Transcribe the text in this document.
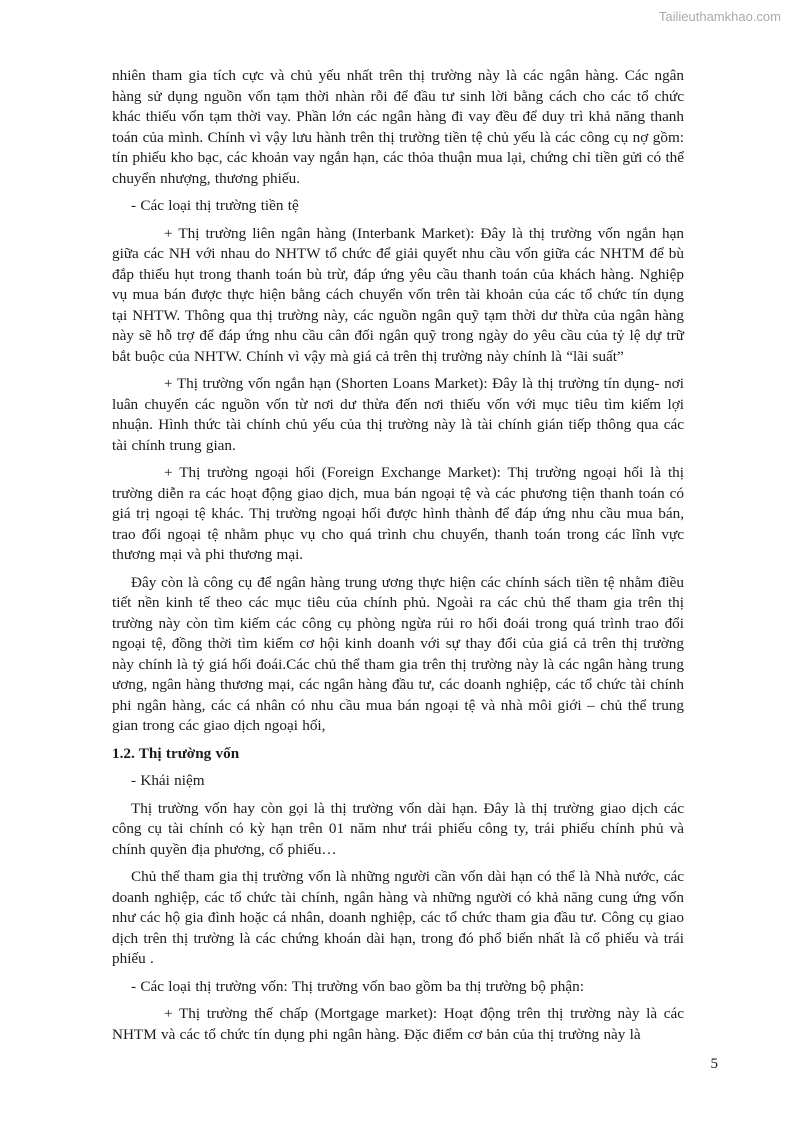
Tailieuthamkhao.com

nhiên tham gia tích cực và chủ yếu nhất trên thị trường này là các ngân hàng. Các ngân hàng sử dụng nguồn vốn tạm thời nhàn rỗi để đầu tư sinh lời bằng cách cho các tổ chức khác thiếu vốn tạm thời vay. Phần lớn các ngân hàng đi vay đều để duy trì khả năng thanh toán của mình. Chính vì vậy lưu hành trên thị trường tiền tệ chủ yếu là các công cụ nợ gồm: tín phiếu kho bạc, các khoản vay ngắn hạn, các thỏa thuận mua lại, chứng chỉ tiền gửi có thể chuyển nhượng, thương phiếu.

- Các loại thị trường tiền tệ

+ Thị trường liên ngân hàng (Interbank Market): Đây là thị trường vốn ngắn hạn giữa các NH với nhau do NHTW tổ chức để giải quyết nhu cầu vốn giữa các NHTM để bù đắp thiếu hụt trong thanh toán bù trừ, đáp ứng yêu cầu thanh toán của khách hàng. Nghiệp vụ mua bán được thực hiện bằng cách chuyển vốn trên tài khoản của các tổ chức tín dụng tại NHTW. Thông qua thị trường này, các nguồn ngân quỹ tạm thời dư thừa của ngân hàng này sẽ hỗ trợ để đáp ứng nhu cầu cân đối ngân quỹ trong ngày do yêu cầu của tỷ lệ dự trữ bắt buộc của NHTW. Chính vì vậy mà giá cả trên thị trường này chính là “lãi suất”

+ Thị trường vốn ngắn hạn (Shorten Loans Market): Đây là thị trường tín dụng- nơi luân chuyển các nguồn vốn từ nơi dư thừa đến nơi thiếu vốn với mục tiêu tìm kiếm lợi nhuận. Hình thức tài chính chủ yếu của thị trường này là tài chính gián tiếp thông qua các tài chính trung gian.

+ Thị trường ngoại hối (Foreign Exchange Market): Thị trường ngoại hối là thị trường diễn ra các hoạt động giao dịch, mua bán ngoại tệ và các phương tiện thanh toán có giá trị ngoại tệ khác. Thị trường ngoại hối được hình thành để đáp ứng nhu cầu mua bán, trao đổi ngoại tệ nhằm phục vụ cho quá trình chu chuyển, thanh toán trong các lĩnh vực thương mại và phi thương mại.

Đây còn là công cụ để ngân hàng trung ương thực hiện các chính sách tiền tệ nhằm điều tiết nền kinh tế theo các mục tiêu của chính phủ. Ngoài ra các chủ thể tham gia trên thị trường này còn tìm kiếm các công cụ phòng ngừa rủi ro hối đoái trong quá trình trao đổi ngoại tệ, đồng thời tìm kiếm cơ hội kinh doanh với sự thay đổi của giá cả trên thị trường này chính là tỷ giá hối đoái.Các chủ thể tham gia trên thị trường này là các ngân hàng trung ương, ngân hàng thương mại, các ngân hàng đầu tư, các doanh nghiệp, các tổ chức tài chính phi ngân hàng, các cá nhân có nhu cầu mua bán ngoại tệ và nhà môi giới – chủ thể trung gian trong các giao dịch ngoại hối,

1.2. Thị trường vốn

- Khái niệm

Thị trường vốn hay còn gọi là thị trường vốn dài hạn. Đây là thị trường giao dịch các công cụ tài chính có kỳ hạn trên 01 năm như trái phiếu công ty, trái phiếu chính phủ và chính quyền địa phương, cổ phiếu…

Chủ thể tham gia thị trường vốn là những người cần vốn dài hạn có thể là Nhà nước, các doanh nghiệp, các tổ chức tài chính, ngân hàng và những người có khả năng cung ứng vốn như các hộ gia đình hoặc cá nhân, doanh nghiệp, các tổ chức tham gia đầu tư. Công cụ giao dịch trên thị trường là các chứng khoán dài hạn, trong đó phổ biến nhất là cổ phiếu và trái phiếu .

- Các loại thị trường vốn: Thị trường vốn bao gồm ba thị trường bộ phận:

+ Thị trường thế chấp (Mortgage market): Hoạt động trên thị trường này là các NHTM và các tổ chức tín dụng phi ngân hàng. Đặc điểm cơ bản của thị trường này là

5
